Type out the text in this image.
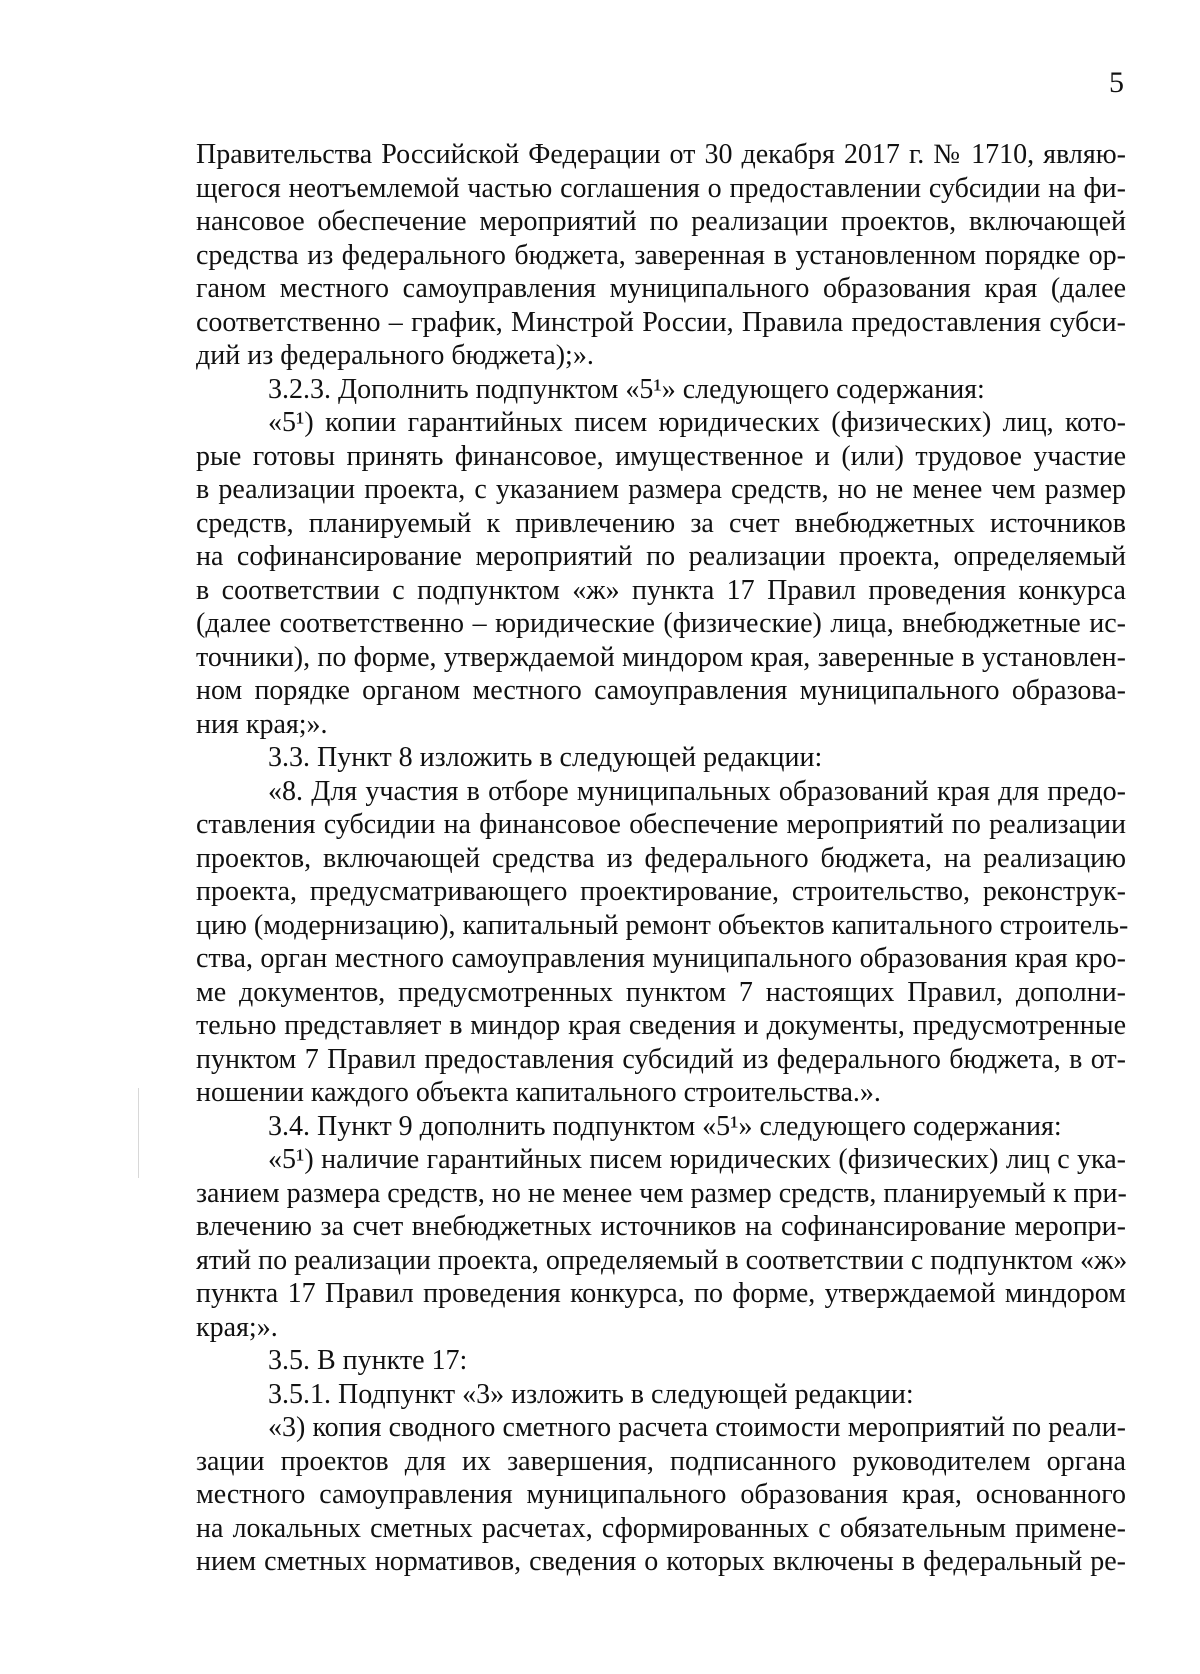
5
Правительства Российской Федерации от 30 декабря 2017 г. № 1710, являю-
щегося неотъемлемой частью соглашения о предоставлении субсидии на фи-
нансовое обеспечение мероприятий по реализации проектов, включающей
средства из федерального бюджета, заверенная в установленном порядке ор-
ганом местного самоуправления муниципального образования края (далее
соответственно – график, Минстрой России, Правила предоставления субси-
дий из федерального бюджета);».
3.2.3. Дополнить подпунктом «5¹» следующего содержания:
«5¹) копии гарантийных писем юридических (физических) лиц, кото-
рые готовы принять финансовое, имущественное и (или) трудовое участие
в реализации проекта, с указанием размера средств, но не менее чем размер
средств, планируемый к привлечению за счет внебюджетных источников
на софинансирование мероприятий по реализации проекта, определяемый
в соответствии с подпунктом «ж» пункта 17 Правил проведения конкурса
(далее соответственно – юридические (физические) лица, внебюджетные ис-
точники), по форме, утверждаемой миндором края, заверенные в установлен-
ном порядке органом местного самоуправления муниципального образова-
ния края;».
3.3. Пункт 8 изложить в следующей редакции:
«8. Для участия в отборе муниципальных образований края для предо-
ставления субсидии на финансовое обеспечение мероприятий по реализации
проектов, включающей средства из федерального бюджета, на реализацию
проекта, предусматривающего проектирование, строительство, реконструк-
цию (модернизацию), капитальный ремонт объектов капитального строитель-
ства, орган местного самоуправления муниципального образования края кро-
ме документов, предусмотренных пунктом 7 настоящих Правил, дополни-
тельно представляет в миндор края сведения и документы, предусмотренные
пунктом 7 Правил предоставления субсидий из федерального бюджета, в от-
ношении каждого объекта капитального строительства.».
3.4. Пункт 9 дополнить подпунктом «5¹» следующего содержания:
«5¹) наличие гарантийных писем юридических (физических) лиц с ука-
занием размера средств, но не менее чем размер средств, планируемый к при-
влечению за счет внебюджетных источников на софинансирование меропри-
ятий по реализации проекта, определяемый в соответствии с подпунктом «ж»
пункта 17 Правил проведения конкурса, по форме, утверждаемой миндором
края;».
3.5. В пункте 17:
3.5.1. Подпункт «3» изложить в следующей редакции:
«3) копия сводного сметного расчета стоимости мероприятий по реали-
зации проектов для их завершения, подписанного руководителем органа
местного самоуправления муниципального образования края, основанного
на локальных сметных расчетах, сформированных с обязательным примене-
нием сметных нормативов, сведения о которых включены в федеральный ре-
